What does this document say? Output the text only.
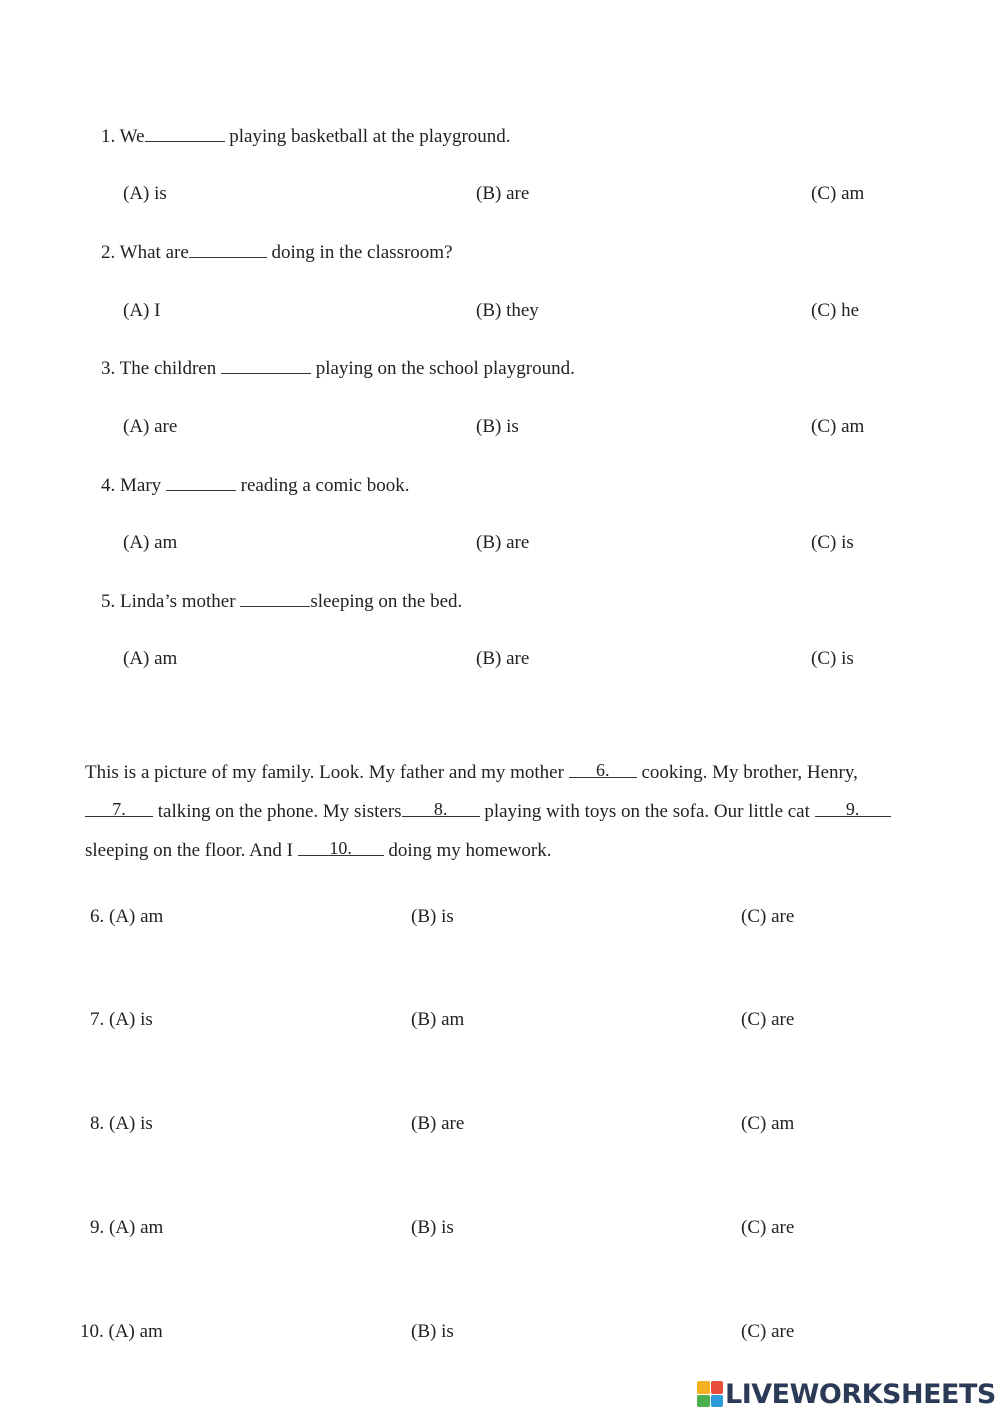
1. We	playing basketball at the playground.
(A) is	(B) are	(C) am
2. What are	doing in the classroom?
(A) I	(B) they	(C) he
3. The children	playing on the school playground.
(A) are	(B) is	(C) am
4. Mary	reading a comic book.
(A) am	(B) are	(C) is
5. Linda’s mother	sleeping on the bed.
(A) am	(B) are	(C) is
This is a picture of my family. Look. My father and my mother 6. cooking. My brother, Henry,
7. talking on the phone. My sisters 8. playing with toys on the sofa. Our little cat 9.
sleeping on the floor. And I 10. doing my homework.
6. (A) am	(B) is	(C) are
7. (A) is	(B) am	(C) are
8. (A) is	(B) are	(C) am
9. (A) am	(B) is	(C) are
10. (A) am	(B) is	(C) are
LIVEWORKSHEETS
